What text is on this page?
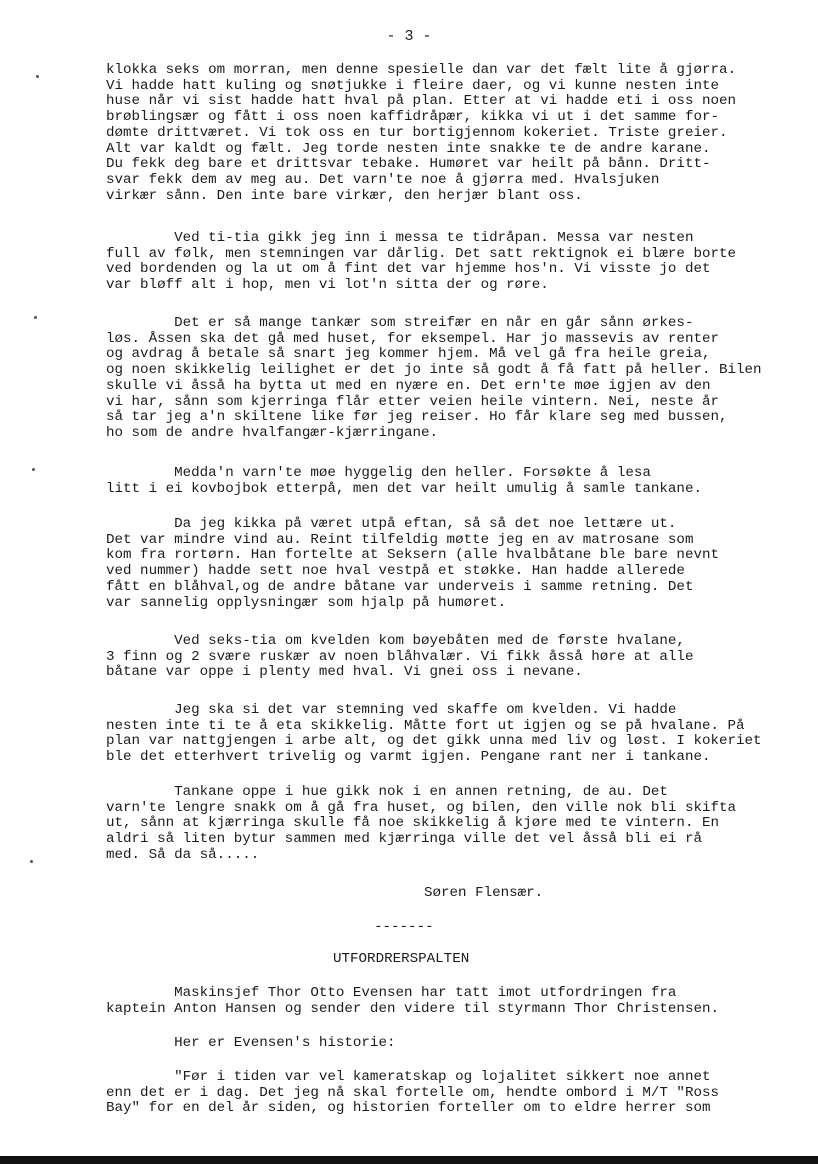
- 3 -
klokka seks om morran, men denne spesielle dan var det fælt lite å gjørra.
Vi hadde hatt kuling og snøtjukke i fleire daer, og vi kunne nesten inte
huse når vi sist hadde hatt hval på plan. Etter at vi hadde eti i oss noen
brøblingsær og fått i oss noen kaffidråpær, kikka vi ut i det samme for-
dømte drittværet. Vi tok oss en tur bortigjennom kokeriet. Triste greier.
Alt var kaldt og fælt. Jeg torde nesten inte snakke te de andre karane.
Du fekk deg bare et drittsvar tebake. Humøret var heilt på bånn. Dritt-
svar fekk dem av meg au. Det varn'te noe å gjørra med. Hvalsjuken
virkær sånn. Den inte bare virkær, den herjær blant oss.
Ved ti-tia gikk jeg inn i messa te tidråpan. Messa var nesten
full av følk, men stemningen var dårlig. Det satt rektignok ei blære borte
ved bordenden og la ut om å fint det var hjemme hos'n. Vi visste jo det
var bløff alt i hop, men vi lot'n sitta der og røre.
Det er så mange tankær som streifær en når en går sånn ørkes-
løs. Åssen ska det gå med huset, for eksempel. Har jo massevis av renter
og avdrag å betale så snart jeg kommer hjem. Må vel gå fra heile greia,
og noen skikkelig leilighet er det jo inte så godt å få fatt på heller. Bilen
skulle vi åsså ha bytta ut med en nyære en. Det ern'te møe igjen av den
vi har, sånn som kjerringa flår etter veien heile vintern. Nei, neste år
så tar jeg a'n skiltene like før jeg reiser. Ho får klare seg med bussen,
ho som de andre hvalfangær-kjærringane.
Medda'n varn'te møe hyggelig den heller. Forsøkte å lesa
litt i ei kovbojbok etterpå, men det var heilt umulig å samle tankane.
Da jeg kikka på været utpå eftan, så så det noe lettære ut.
Det var mindre vind au. Reint tilfeldig møtte jeg en av matrosane som
kom fra rortørn. Han fortelte at Seksern (alle hvalbåtane ble bare nevnt
ved nummer) hadde sett noe hval vestpå et støkke. Han hadde allerede
fått en blåhval,og de andre båtane var underveis i samme retning. Det
var sannelig opplysningær som hjalp på humøret.
Ved seks-tia om kvelden kom bøyebåten med de første hvalane,
3 finn og 2 svære ruskær av noen blåhvalær. Vi fikk åsså høre at alle
båtane var oppe i plenty med hval. Vi gnei oss i nevane.
Jeg ska si det var stemning ved skaffe om kvelden. Vi hadde
nesten inte ti te å eta skikkelig. Måtte fort ut igjen og se på hvalane. På
plan var nattgjengen i arbe alt, og det gikk unna med liv og løst. I kokeriet
ble det etterhvert trivelig og varmt igjen. Pengane rant ner i tankane.
Tankane oppe i hue gikk nok i en annen retning, de au. Det
varn'te lengre snakk om å gå fra huset, og bilen, den ville nok bli skifta
ut, sånn at kjærringa skulle få noe skikkelig å kjøre med te vintern. En
aldri så liten bytur sammen med kjærringa ville det vel åsså bli ei rå
med. Så da så.....
Søren Flensær.
-------
UTFORDRERSPALTEN
Maskinsjef Thor Otto Evensen har tatt imot utfordringen fra
kaptein Anton Hansen og sender den videre til styrmann Thor Christensen.
Her er Evensen's historie:
"Før i tiden var vel kameratskap og lojalitet sikkert noe annet
enn det er i dag. Det jeg nå skal fortelle om, hendte ombord i M/T "Ross
Bay" for en del år siden, og historien forteller om to eldre herrer som
